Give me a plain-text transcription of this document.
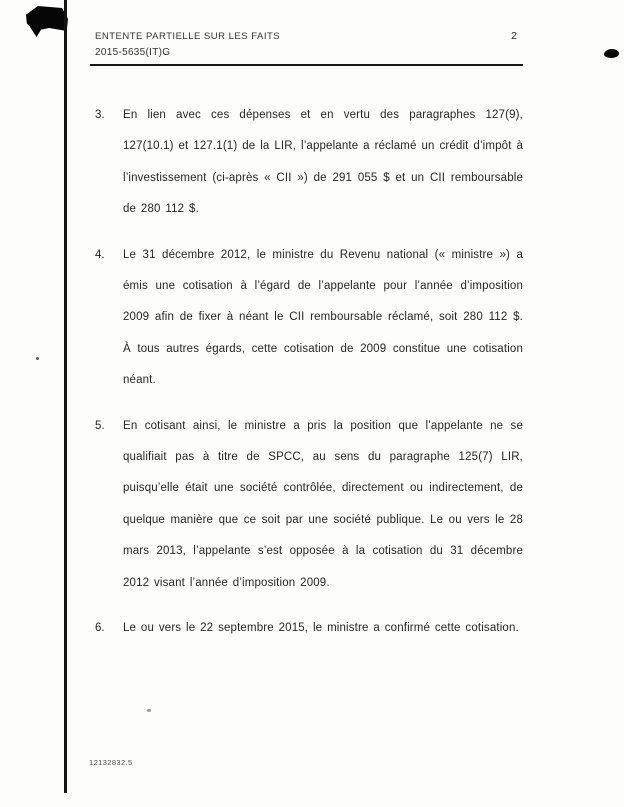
ENTENTE PARTIELLE SUR LES FAITS	2
2015-5635(IT)G
3.	En lien avec ces dépenses et en vertu des paragraphes 127(9), 127(10.1) et 127.1(1) de la LIR, l’appelante a réclamé un crédit d’impôt à l’investissement (ci-après « CII ») de 291 055 $ et un CII remboursable de 280 112 $.

4.	Le 31 décembre 2012, le ministre du Revenu national (« ministre ») a émis une cotisation à l’égard de l’appelante pour l’année d’imposition 2009 afin de fixer à néant le CII remboursable réclamé, soit 280 112 $. À tous autres égards, cette cotisation de 2009 constitue une cotisation néant.

5.	En cotisant ainsi, le ministre a pris la position que l’appelante ne se qualifiait pas à titre de SPCC, au sens du paragraphe 125(7) LIR, puisqu’elle était une société contrôlée, directement ou indirectement, de quelque manière que ce soit par une société publique. Le ou vers le 28 mars 2013, l’appelante s’est opposée à la cotisation du 31 décembre 2012 visant l’année d’imposition 2009.

6.	Le ou vers le 22 septembre 2015, le ministre a confirmé cette cotisation.

12132832.5
